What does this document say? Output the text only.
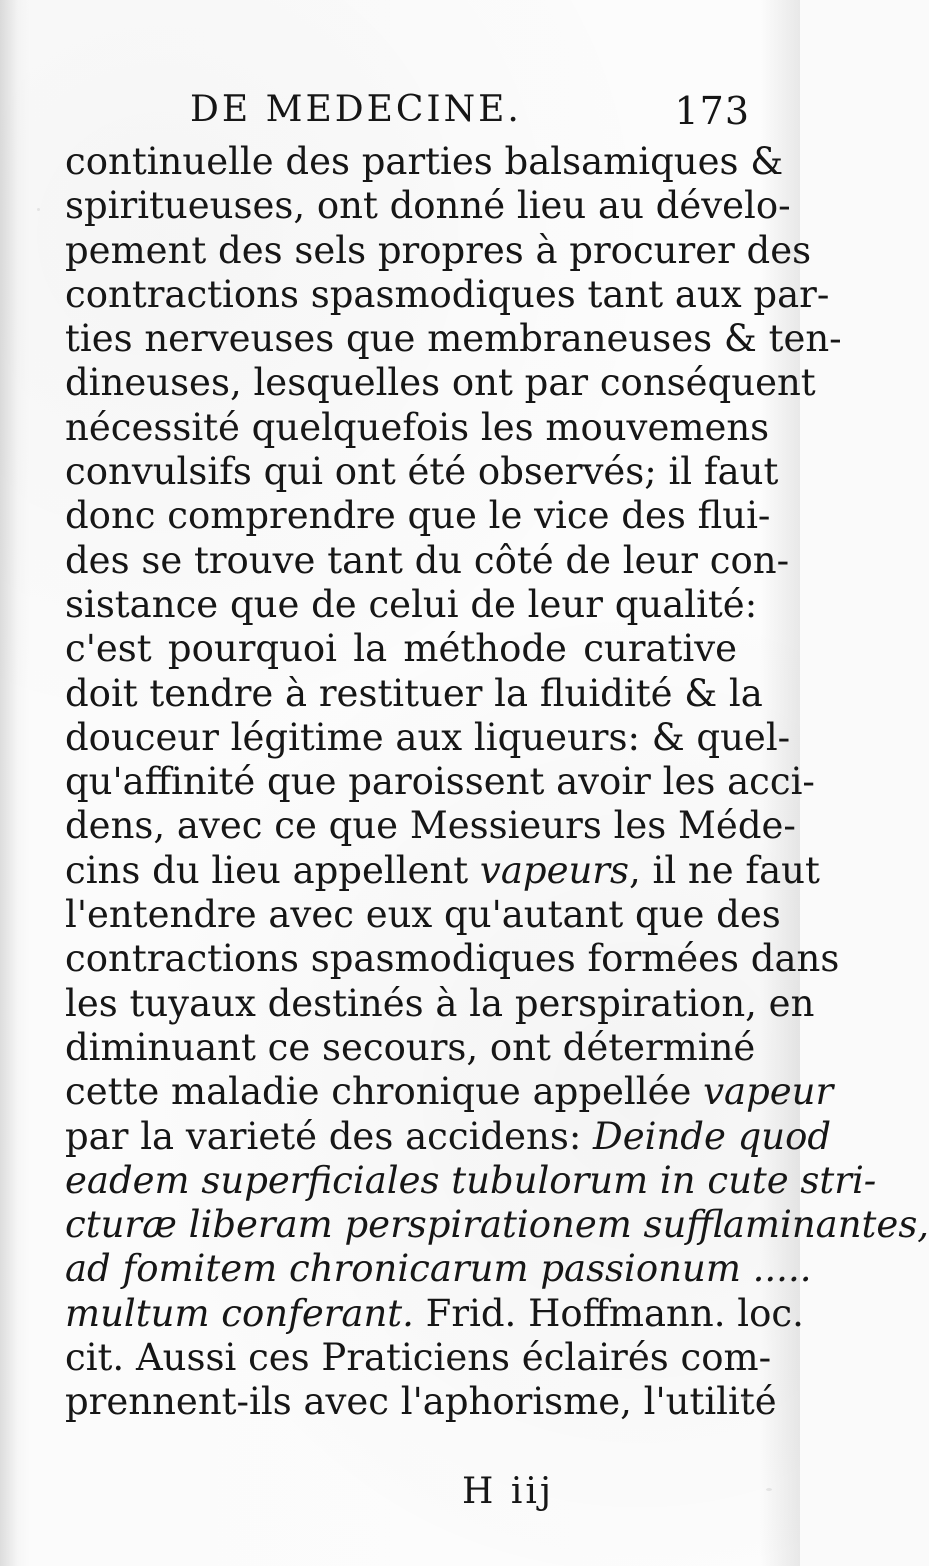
DE MEDECINE.	173
continuelle des parties balsamiques &
spiritueuses, ont donné lieu au dévelo-
pement des sels propres à procurer des
contractions spasmodiques tant aux par-
ties nerveuses que membraneuses & ten-
dineuses, lesquelles ont par conséquent
nécessité quelquefois les mouvemens
convulsifs qui ont été observés; il faut
donc comprendre que le vice des flui-
des se trouve tant du côté de leur con-
sistance que de celui de leur qualité:
c'est pourquoi la méthode curative
doit tendre à restituer la fluidité & la
douceur légitime aux liqueurs: & quel-
qu'affinité que paroissent avoir les acci-
dens, avec ce que Messieurs les Méde-
cins du lieu appellent vapeurs, il ne faut
l'entendre avec eux qu'autant que des
contractions spasmodiques formées dans
les tuyaux destinés à la perspiration, en
diminuant ce secours, ont déterminé
cette maladie chronique appellée vapeur
par la varieté des accidens: Deinde quod
eadem superficiales tubulorum in cute stri-
cturæ liberam perspirationem sufflaminantes,
ad fomitem chronicarum passionum .....
multum conferant. Frid. Hoffmann. loc.
cit. Aussi ces Praticiens éclairés com-
prennent-ils avec l'aphorisme, l'utilité
H iij
